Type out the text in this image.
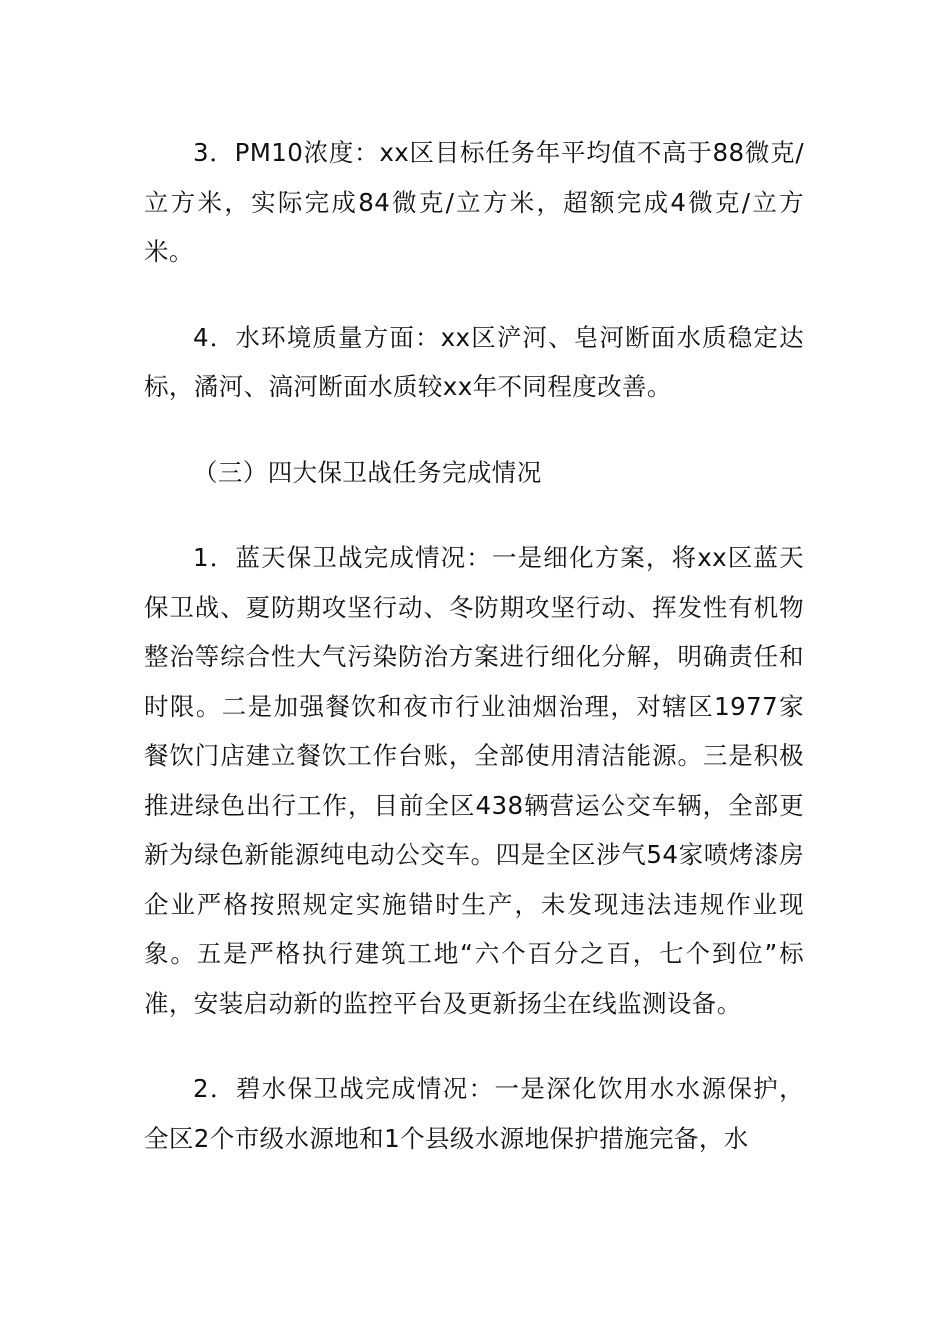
3．PM10浓度：xx区目标任务年平均值不高于88微克/立方米，实际完成84微克/立方米，超额完成4微克/立方米。

4．水环境质量方面：xx区浐河、皂河断面水质稳定达标，潏河、滈河断面水质较xx年不同程度改善。

（三）四大保卫战任务完成情况

1．蓝天保卫战完成情况：一是细化方案，将xx区蓝天保卫战、夏防期攻坚行动、冬防期攻坚行动、挥发性有机物整治等综合性大气污染防治方案进行细化分解，明确责任和时限。二是加强餐饮和夜市行业油烟治理，对辖区1977家餐饮门店建立餐饮工作台账，全部使用清洁能源。三是积极推进绿色出行工作，目前全区438辆营运公交车辆，全部更新为绿色新能源纯电动公交车。四是全区涉气54家喷烤漆房企业严格按照规定实施错时生产，未发现违法违规作业现象。五是严格执行建筑工地“六个百分之百，七个到位”标准，安装启动新的监控平台及更新扬尘在线监测设备。

2．碧水保卫战完成情况：一是深化饮用水水源保护，全区2个市级水源地和1个县级水源地保护措施完备，水
